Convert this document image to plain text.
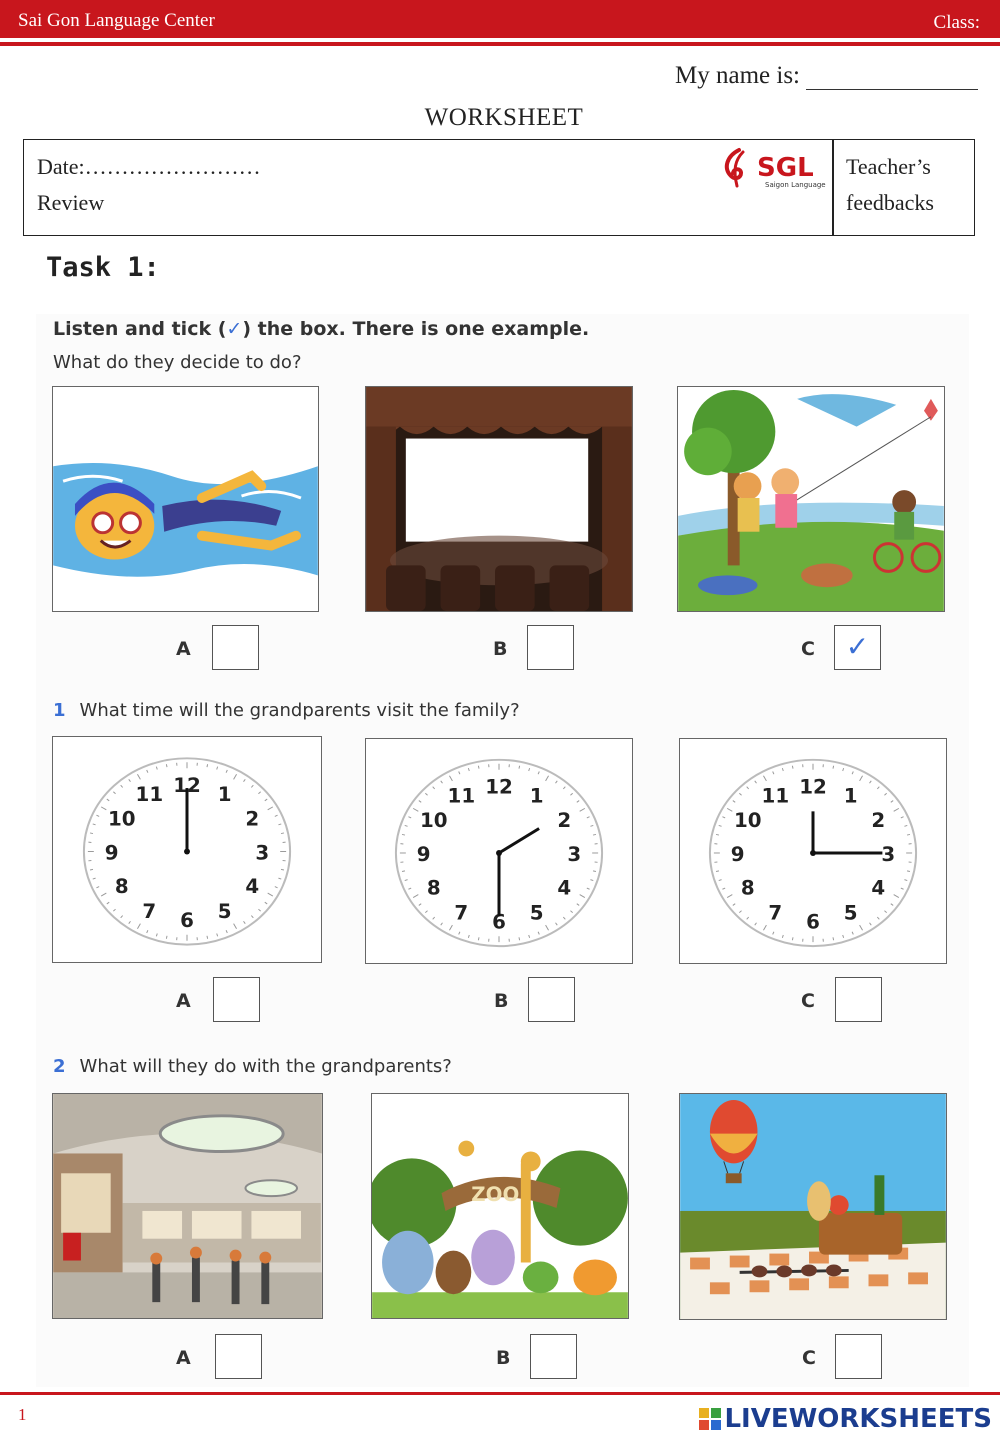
Sai Gon Language Center	Class:
My name is:
WORKSHEET
Date:……………………
Review
SGL
Saigon Language
Teacher’s
feedbacks
Task 1:
Listen and tick (✓) the box. There is one example.
What do they decide to do?
A	B	C	✓
1 What time will the grandparents visit the family?
12 1
2
3
4
5
6
7
8
9
10
11	12 1
2
3
4
5
6
7
8
9
10
11	12 1
2
3
4
5
6
7
8
9
10
11
A	B	C
2 What will they do with the grandparents?
ZOO
A	B	C
1	LIVEWORKSHEETS
